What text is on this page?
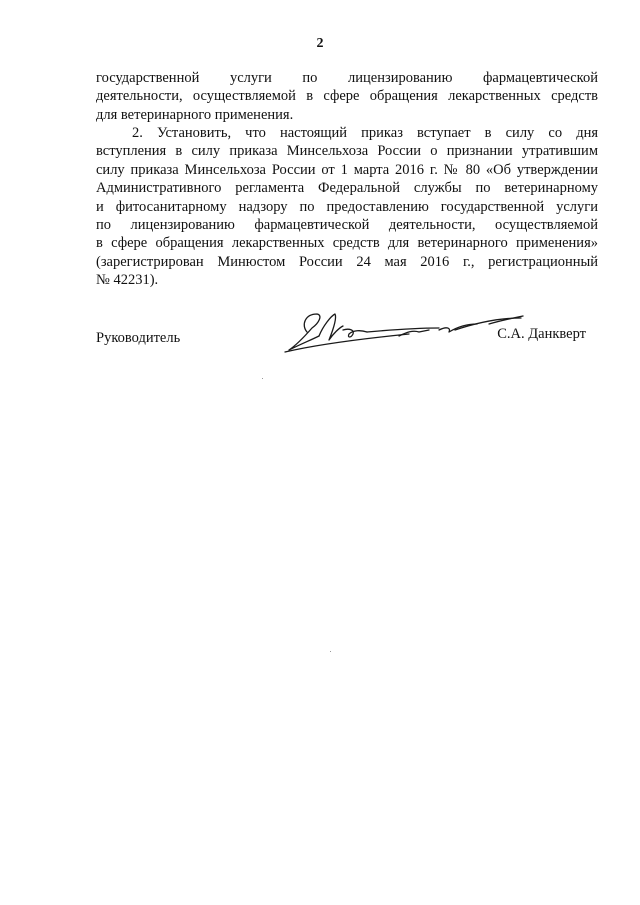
2
государственной услуги по лицензированию фармацевтической
деятельности, осуществляемой в сфере обращения лекарственных средств
для ветеринарного применения.
2. Установить, что настоящий приказ вступает в силу со дня
вступления в силу приказа Минсельхоза России о признании утратившим
силу приказа Минсельхоза России от 1 марта 2016 г. № 80 «Об утверждении
Административного регламента Федеральной службы по ветеринарному
и фитосанитарному надзору по предоставлению государственной услуги
по лицензированию фармацевтической деятельности, осуществляемой
в сфере обращения лекарственных средств для ветеринарного применения»
(зарегистрирован Минюстом России 24 мая 2016 г., регистрационный
№ 42231).
Руководитель	С.А. Данкверт
